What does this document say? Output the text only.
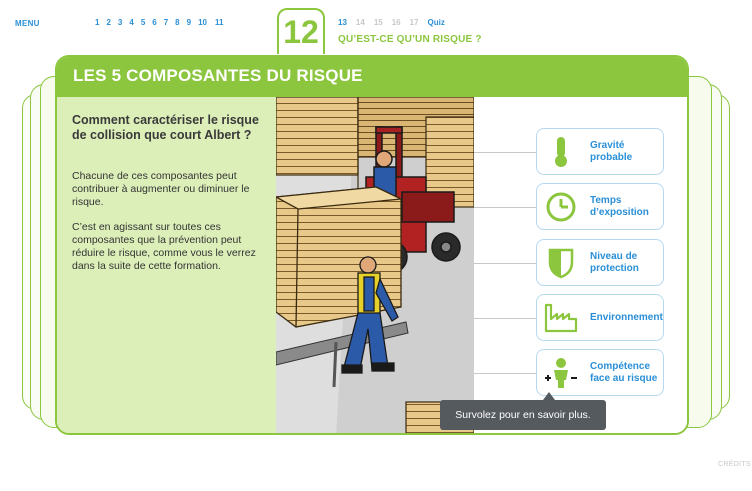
MENU	1 2 3 4 5 6 7 8 9 10 11 12	13 14 15 16 17 Quiz
QU’EST-CE QU’UN RISQUE ?
LES 5 COMPOSANTES DU RISQUE
Comment caractériser le risque de collision que court Albert ?
Chacune de ces composantes peut contribuer à augmenter ou diminuer le risque.
C’est en agissant sur toutes ces composantes que la prévention peut réduire le risque, comme vous le verrez dans la suite de cette formation.
Gravité
probable
Temps
d’exposition
Niveau de
protection
Environnement
Compétence
face au risque
Survolez pour en savoir plus.
CRÉDITS
